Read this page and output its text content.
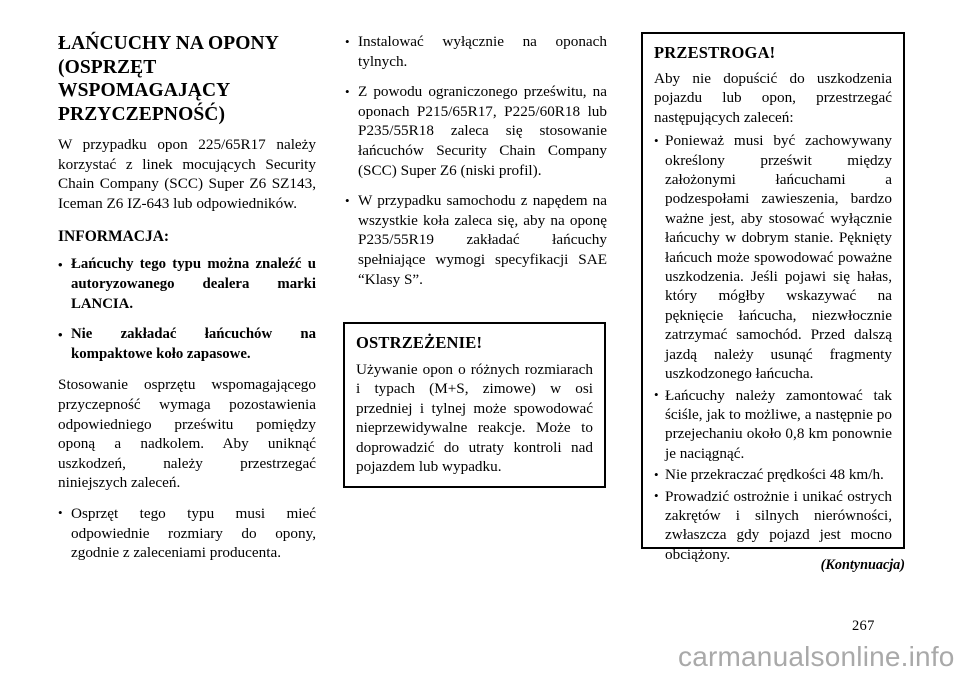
ŁAŃCUCHY NA OPONY (OSPRZĘT WSPOMAGAJĄCY PRZYCZEPNOŚĆ)

W przypadku opon 225/65R17 należy korzystać z linek mocujących Security Chain Company (SCC) Super Z6 SZ143, Iceman Z6 IZ-643 lub odpowiedników.

INFORMACJA:
• Łańcuchy tego typu można znaleźć u autoryzowanego dealera marki LANCIA.
• Nie zakładać łańcuchów na kompaktowe koło zapasowe.

Stosowanie osprzętu wspomagającego przyczepność wymaga pozostawienia odpowiedniego prześwitu pomiędzy oponą a nadkolem. Aby uniknąć uszkodzeń, należy przestrzegać niniejszych zaleceń.

• Osprzęt tego typu musi mieć odpowiednie rozmiary do opony, zgodnie z zaleceniami producenta.
• Instalować wyłącznie na oponach tylnych.
• Z powodu ograniczonego prześwitu, na oponach P215/65R17, P225/60R18 lub P235/55R18 zaleca się stosowanie łańcuchów Security Chain Company (SCC) Super Z6 (niski profil).
• W przypadku samochodu z napędem na wszystkie koła zaleca się, aby na oponę P235/55R19 zakładać łańcuchy spełniające wymogi specyfikacji SAE “Klasy S”.
OSTRZEŻENIE!

Używanie opon o różnych rozmiarach i typach (M+S, zimowe) w osi przedniej i tylnej może spowodować nieprzewidywalne reakcje. Może to doprowadzić do utraty kontroli nad pojazdem lub wypadku.

PRZESTROGA!

Aby nie dopuścić do uszkodzenia pojazdu lub opon, przestrzegać następujących zaleceń:

• Ponieważ musi być zachowywany określony prześwit między założonymi łańcuchami a podzespołami zawieszenia, bardzo ważne jest, aby stosować wyłącznie łańcuchy w dobrym stanie. Pęknięty łańcuch może spowodować poważne uszkodzenia. Jeśli pojawi się hałas, który mógłby wskazywać na pęknięcie łańcucha, niezwłocznie zatrzymać samochód. Przed dalszą jazdą należy usunąć fragmenty uszkodzonego łańcucha.
• Łańcuchy należy zamontować tak ściśle, jak to możliwe, a następnie po przejechaniu około 0,8 km ponownie je naciągnąć.
• Nie przekraczać prędkości 48 km/h.
• Prowadzić ostrożnie i unikać ostrych zakrętów i silnych nierówności, zwłaszcza gdy pojazd jest mocno obciążony.
(Kontynuacja)
267
carmanualsonline.info
